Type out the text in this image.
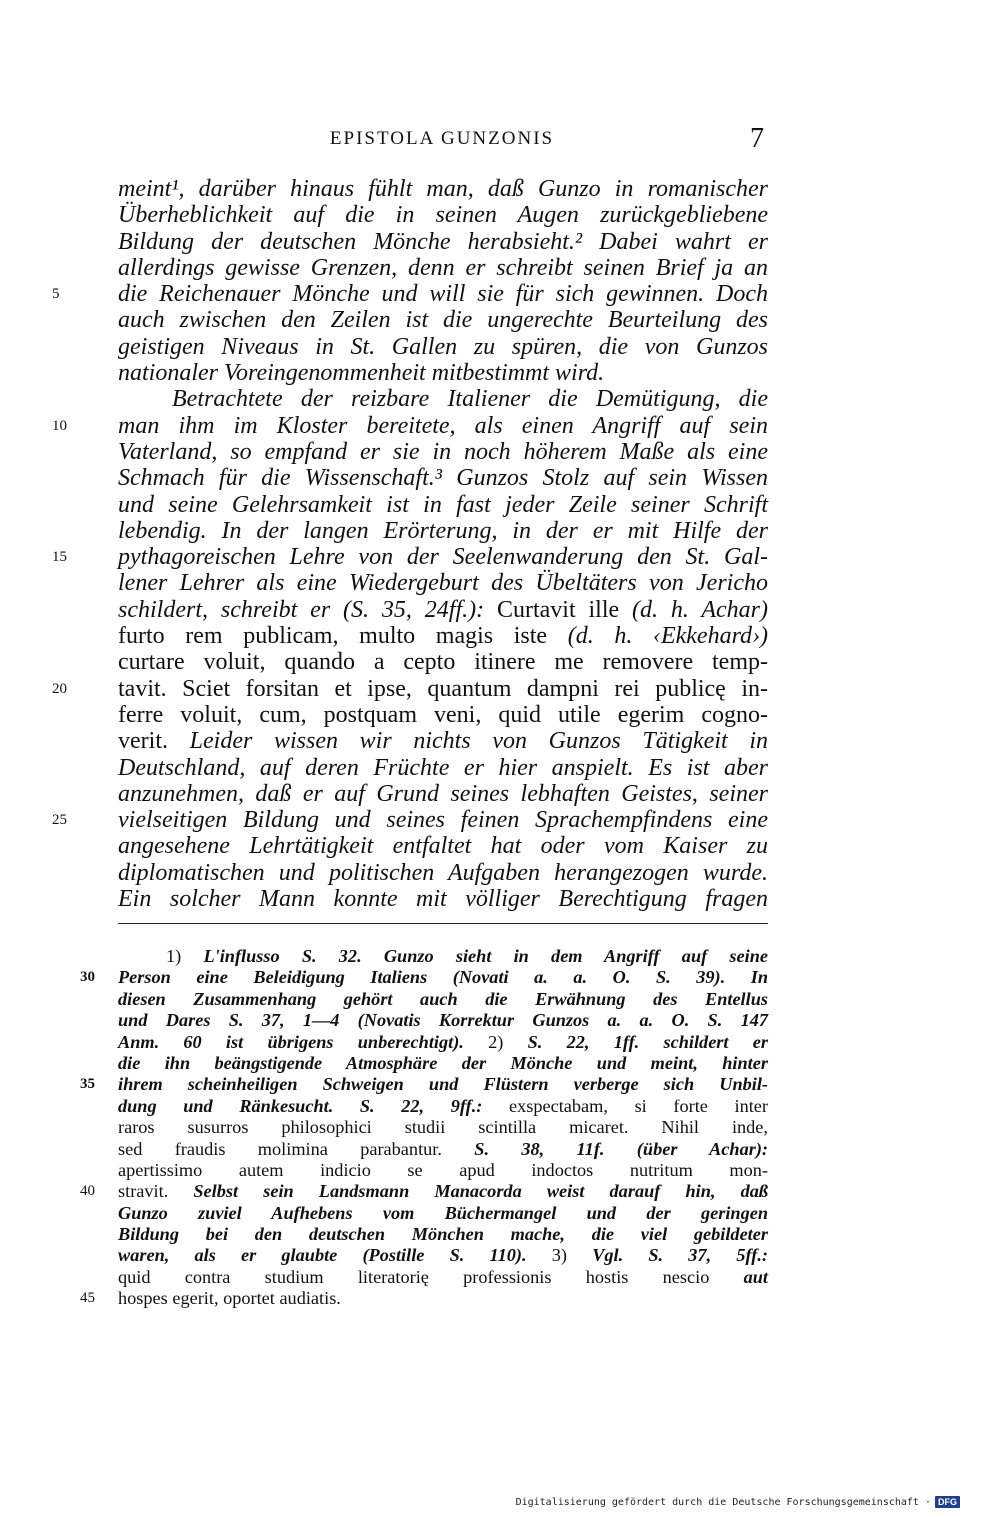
EPISTOLA GUNZONIS	7
meint¹, darüber hinaus fühlt man, daß Gunzo in romanischer
Überheblichkeit auf die in seinen Augen zurückgebliebene
Bildung der deutschen Mönche herabsieht.² Dabei wahrt er
allerdings gewisse Grenzen, denn er schreibt seinen Brief ja an
5	die Reichenauer Mönche und will sie für sich gewinnen. Doch
auch zwischen den Zeilen ist die ungerechte Beurteilung des
geistigen Niveaus in St. Gallen zu spüren, die von Gunzos
nationaler Voreingenommenheit mitbestimmt wird.
Betrachtete der reizbare Italiener die Demütigung, die
10	man ihm im Kloster bereitete, als einen Angriff auf sein
Vaterland, so empfand er sie in noch höherem Maße als eine
Schmach für die Wissenschaft.³ Gunzos Stolz auf sein Wissen
und seine Gelehrsamkeit ist in fast jeder Zeile seiner Schrift
lebendig. In der langen Erörterung, in der er mit Hilfe der
15	pythagoreischen Lehre von der Seelenwanderung den St. Gal-
lener Lehrer als eine Wiedergeburt des Übeltäters von Jericho
schildert, schreibt er (S. 35, 24ff.): Curtavit ille (d. h. Achar)
furto rem publicam, multo magis iste (d. h. ‹Ekkehard›)
curtare voluit, quando a cepto itinere me removere temp-
20	tavit. Sciet forsitan et ipse, quantum dampni rei publicę in-
ferre voluit, cum, postquam veni, quid utile egerim cogno-
verit. Leider wissen wir nichts von Gunzos Tätigkeit in
Deutschland, auf deren Früchte er hier anspielt. Es ist aber
anzunehmen, daß er auf Grund seines lebhaften Geistes, seiner
25	vielseitigen Bildung und seines feinen Sprachempfindens eine
angesehene Lehrtätigkeit entfaltet hat oder vom Kaiser zu
diplomatischen und politischen Aufgaben herangezogen wurde.
Ein solcher Mann konnte mit völliger Berechtigung fragen
1) L'influsso S. 32. Gunzo sieht in dem Angriff auf seine
30	Person eine Beleidigung Italiens (Novati a. a. O. S. 39). In
diesen Zusammenhang gehört auch die Erwähnung des Entellus
und Dares S. 37, 1—4 (Novatis Korrektur Gunzos a. a. O. S. 147
Anm. 60 ist übrigens unberechtigt). 2) S. 22, 1ff. schildert er
die ihn beängstigende Atmosphäre der Mönche und meint, hinter
35	ihrem scheinheiligen Schweigen und Flüstern verberge sich Unbil-
dung und Ränkesucht. S. 22, 9ff.: exspectabam, si forte inter
raros susurros philosophici studii scintilla micaret. Nihil inde,
sed fraudis molimina parabantur. S. 38, 11f. (über Achar):
apertissimo autem indicio se apud indoctos nutritum mon-
40	stravit. Selbst sein Landsmann Manacorda weist darauf hin, daß
Gunzo zuviel Aufhebens vom Büchermangel und der geringen
Bildung bei den deutschen Mönchen mache, die viel gebildeter
waren, als er glaubte (Postille S. 110). 3) Vgl. S. 37, 5ff.:
quid contra studium literatorię professionis hostis nescio aut
45	hospes egerit, oportet audiatis.
Digitalisierung gefördert durch die Deutsche Forschungsgemeinschaft · DFG
